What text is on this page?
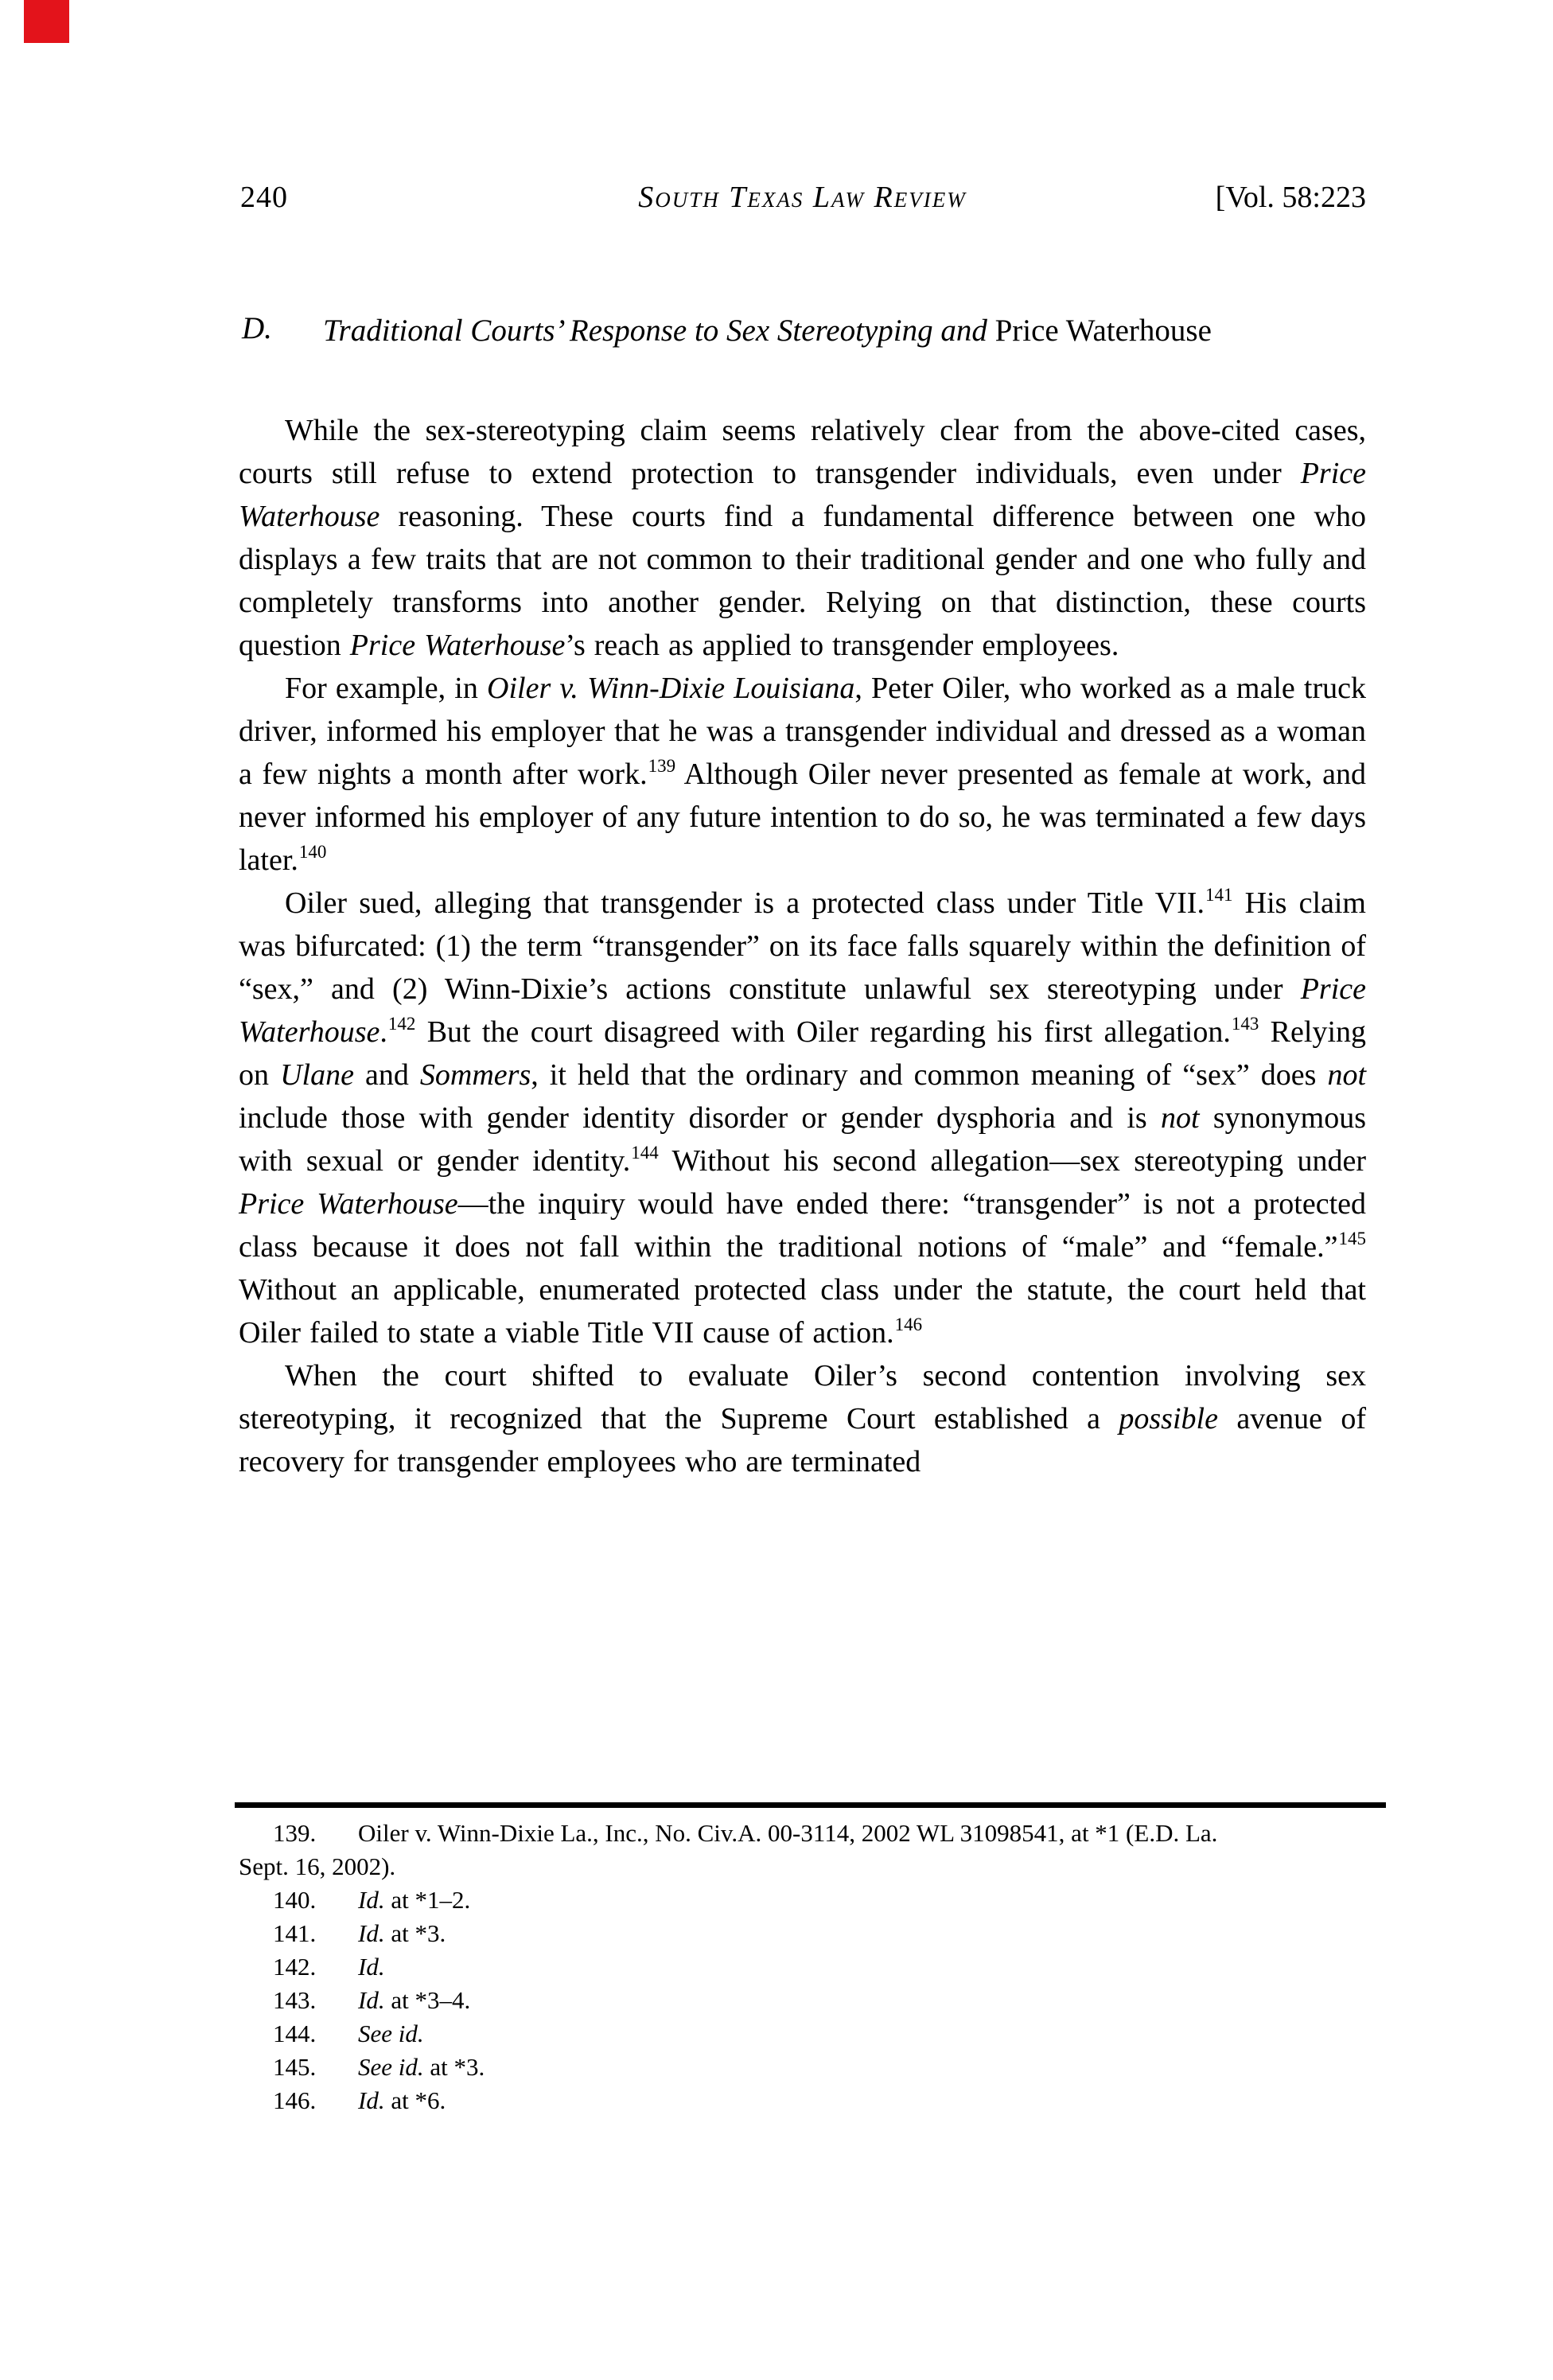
240	South Texas Law Review	[Vol. 58:223
D. Traditional Courts’ Response to Sex Stereotyping and Price Waterhouse

While the sex-stereotyping claim seems relatively clear from the above-cited cases, courts still refuse to extend protection to transgender individuals, even under Price Waterhouse reasoning. These courts find a fundamental difference between one who displays a few traits that are not common to their traditional gender and one who fully and completely transforms into another gender. Relying on that distinction, these courts question Price Waterhouse’s reach as applied to transgender employees.

For example, in Oiler v. Winn-Dixie Louisiana, Peter Oiler, who worked as a male truck driver, informed his employer that he was a transgender individual and dressed as a woman a few nights a month after work.$^{139}$ Although Oiler never presented as female at work, and never informed his employer of any future intention to do so, he was terminated a few days later.$^{140}$

Oiler sued, alleging that transgender is a protected class under Title VII.$^{141}$ His claim was bifurcated: (1) the term “transgender” on its face falls squarely within the definition of “sex,” and (2) Winn-Dixie’s actions constitute unlawful sex stereotyping under Price Waterhouse.$^{142}$ But the court disagreed with Oiler regarding his first allegation.$^{143}$ Relying on Ulane and Sommers, it held that the ordinary and common meaning of “sex” does not include those with gender identity disorder or gender dysphoria and is not synonymous with sexual or gender identity.$^{144}$ Without his second allegation—sex stereotyping under Price Waterhouse—the inquiry would have ended there: “transgender” is not a protected class because it does not fall within the traditional notions of “male” and “female.”$^{145}$ Without an applicable, enumerated protected class under the statute, the court held that Oiler failed to state a viable Title VII cause of action.$^{146}$

When the court shifted to evaluate Oiler’s second contention involving sex stereotyping, it recognized that the Supreme Court established a possible avenue of recovery for transgender employees who are terminated

139. Oiler v. Winn-Dixie La., Inc., No. Civ.A. 00-3114, 2002 WL 31098541, at *1 (E.D. La.
Sept. 16, 2002).

140. Id. at *1–2.

141. Id. at *3.

142. Id.

143. Id. at *3–4.

144. See id.

145. See id. at *3.

146. Id. at *6.
